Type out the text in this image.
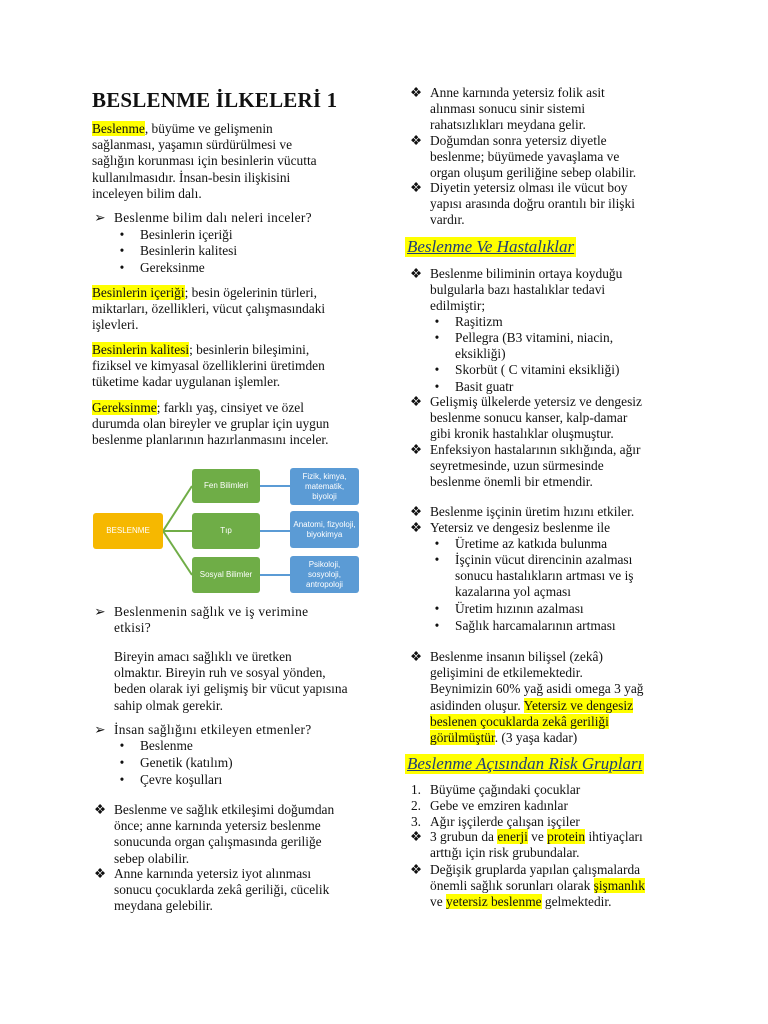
BESLENME İLKELERİ 1
Beslenme, büyüme ve gelişmenin
sağlanması, yaşamın sürdürülmesi ve
sağlığın korunması için besinlerin vücutta
kullanılmasıdır. İnsan-besin ilişkisini
inceleyen bilim dalı.
➢ Beslenme bilim dalı neleri inceler?
•	Besinlerin içeriği
•	Besinlerin kalitesi
•	Gereksinme
Besinlerin içeriği; besin ögelerinin türleri,
miktarları, özellikleri, vücut çalışmasındaki
işlevleri.
Besinlerin kalitesi; besinlerin bileşimini,
fiziksel ve kimyasal özelliklerini üretimden
tüketime kadar uygulanan işlemler.
Gereksinme; farklı yaş, cinsiyet ve özel
durumda olan bireyler ve gruplar için uygun
beslenme planlarının hazırlanmasını inceler.
BESLENME
Fen Bilimleri
Tıp
Sosyal Bilimler
Fizik, kimya,
matematik,
biyoloji
Anatomi, fizyoloji,
biyokimya
Psikoloji,
sosyoloji,
antropoloji
➢ Beslenmenin sağlık ve iş verimine
etkisi?
Bireyin amacı sağlıklı ve üretken
olmaktır. Bireyin ruh ve sosyal yönden,
beden olarak iyi gelişmiş bir vücut yapısına
sahip olmak gerekir.
➢ İnsan sağlığını etkileyen etmenler?
•	Beslenme
•	Genetik (katılım)
•	Çevre koşulları
❖ Beslenme ve sağlık etkileşimi doğumdan
önce; anne karnında yetersiz beslenme
sonucunda organ çalışmasında geriliğe
sebep olabilir.
❖ Anne karnında yetersiz iyot alınması
sonucu çocuklarda zekâ geriliği, cücelik
meydana gelebilir.
❖ Anne karnında yetersiz folik asit
alınması sonucu sinir sistemi
rahatsızlıkları meydana gelir.
❖ Doğumdan sonra yetersiz diyetle
beslenme; büyümede yavaşlama ve
organ oluşum geriliğine sebep olabilir.
❖ Diyetin yetersiz olması ile vücut boy
yapısı arasında doğru orantılı bir ilişki
vardır.
Beslenme Ve Hastalıklar
❖ Beslenme biliminin ortaya koyduğu
bulgularla bazı hastalıklar tedavi
edilmiştir;
•	Raşitizm
•	Pellegra (B3 vitamini, niacin,
eksikliği)
•	Skorbüt ( C vitamini eksikliği)
•	Basit guatr
❖ Gelişmiş ülkelerde yetersiz ve dengesiz
beslenme sonucu kanser, kalp-damar
gibi kronik hastalıklar oluşmuştur.
❖ Enfeksiyon hastalarının sıklığında, ağır
seyretmesinde, uzun sürmesinde
beslenme önemli bir etmendir.
❖ Beslenme işçinin üretim hızını etkiler.
❖ Yetersiz ve dengesiz beslenme ile
•	Üretime az katkıda bulunma
•	İşçinin vücut direncinin azalması
sonucu hastalıkların artması ve iş
kazalarına yol açması
•	Üretim hızının azalması
•	Sağlık harcamalarının artması
❖ Beslenme insanın bilişsel (zekâ)
gelişimini de etkilemektedir.
Beynimizin 60% yağ asidi omega 3 yağ
asidinden oluşur. Yetersiz ve dengesiz
beslenen çocuklarda zekâ geriliği
görülmüştür. (3 yaşa kadar)
Beslenme Açısından Risk Grupları
1. Büyüme çağındaki çocuklar
2. Gebe ve emziren kadınlar
3. Ağır işçilerde çalışan işçiler
❖ 3 grubun da enerji ve protein ihtiyaçları
arttığı için risk grubundalar.
❖ Değişik gruplarda yapılan çalışmalarda
önemli sağlık sorunları olarak şişmanlık
ve yetersiz beslenme gelmektedir.
